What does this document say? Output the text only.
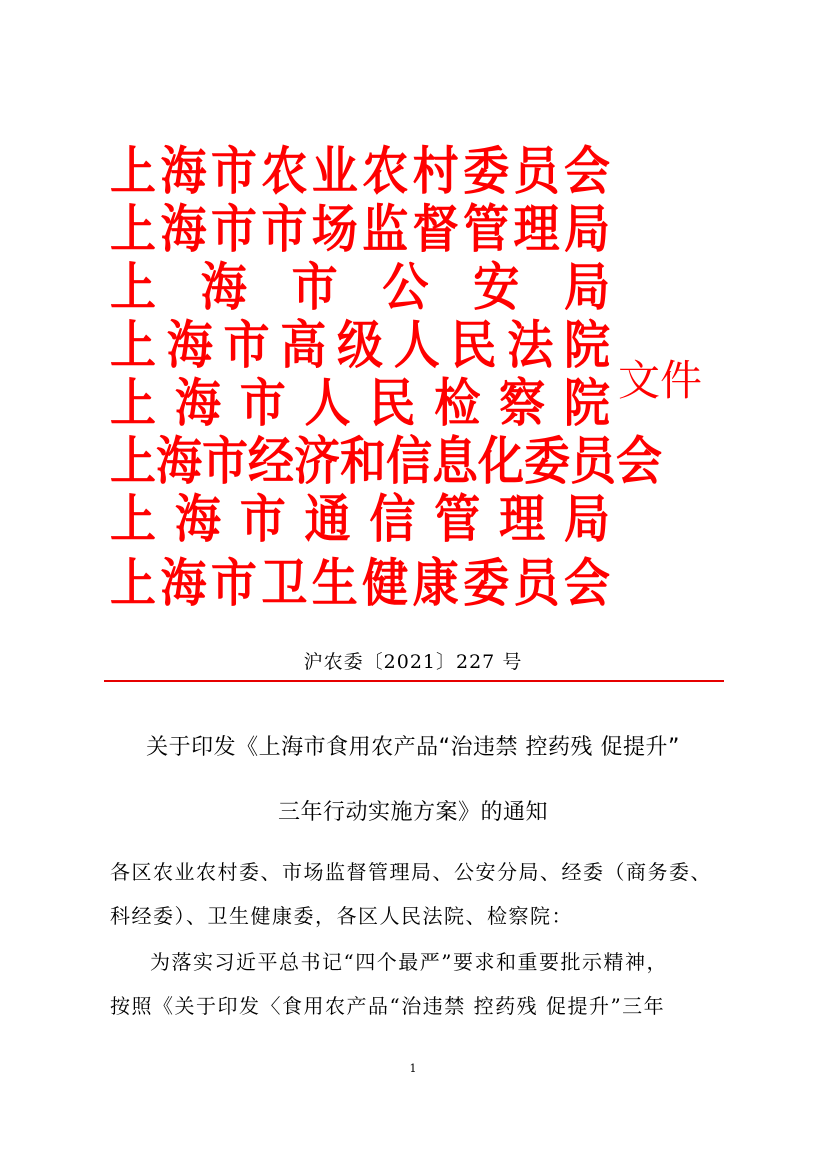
上 海 市 农 业 农 村 委 员 会
上 海 市 市 场 监 督 管 理 局
上 海 市 公 安 局
上 海 市 高 级 人 民 法 院
上 海 市 人 民 检 察 院
上 海 市 经 济 和 信 息 化 委 员 会
上 海 市 通 信 管 理 局
上 海 市 卫 生 健 康 委 员 会
文件
沪农委〔2021〕227 号
关于印发《上海市食用农产品“治违禁 控药残 促提升”
三年行动实施方案》的通知
各区农业农村委、市场监督管理局、公安分局、经委（商务委、
科经委）、卫生健康委，各区人民法院、检察院：
为落实习近平总书记“四个最严”要求和重要批示精神，
按照《关于印发〈食用农产品“治违禁 控药残 促提升”三年
1
